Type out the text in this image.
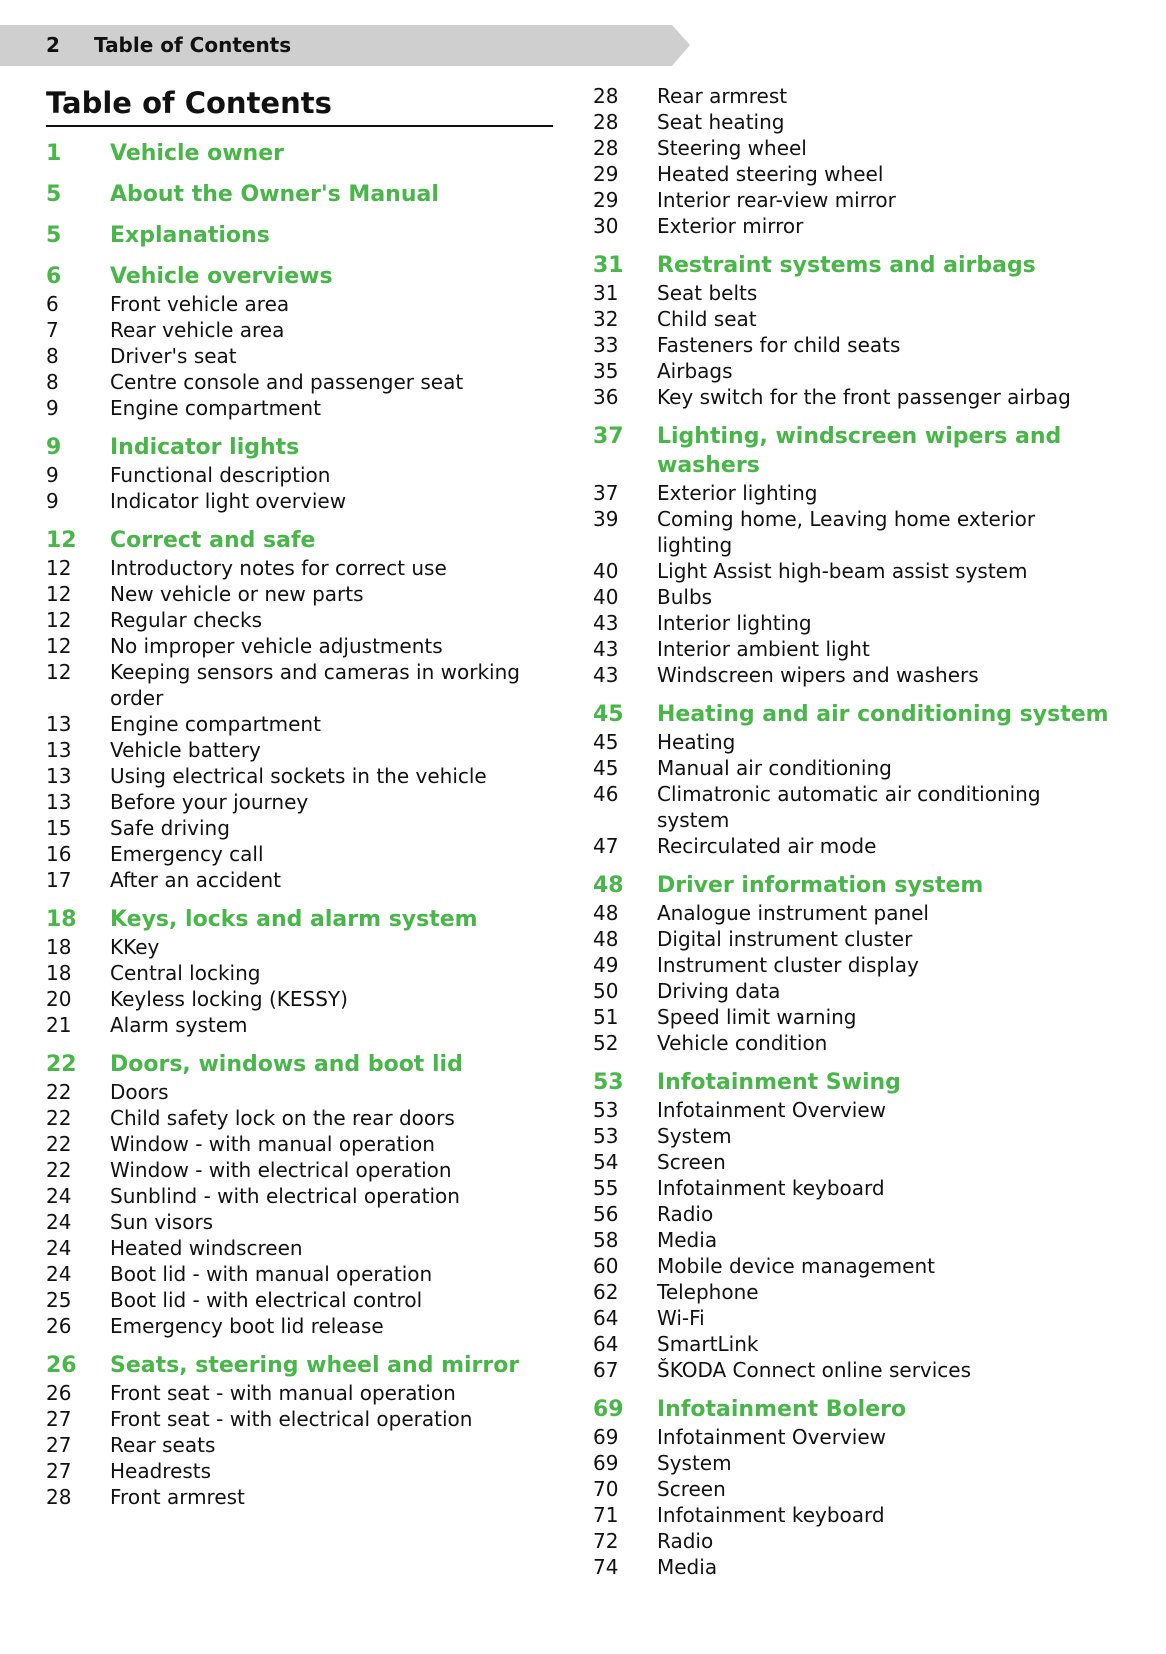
2 Table of Contents
Table of Contents
1	Vehicle owner
5	About the Owner's Manual
5	Explanations
6	Vehicle overviews
6	Front vehicle area
7	Rear vehicle area
8	Driver's seat
8	Centre console and passenger seat
9	Engine compartment
9	Indicator lights
9	Functional description
9	Indicator light overview
12	Correct and safe
12	Introductory notes for correct use
12	New vehicle or new parts
12	Regular checks
12	No improper vehicle adjustments
12	Keeping sensors and cameras in working order
13	Engine compartment
13	Vehicle battery
13	Using electrical sockets in the vehicle
13	Before your journey
15	Safe driving
16	Emergency call
17	After an accident
18	Keys, locks and alarm system
18	KKey
18	Central locking
20	Keyless locking (KESSY)
21	Alarm system
22	Doors, windows and boot lid
22	Doors
22	Child safety lock on the rear doors
22	Window - with manual operation
22	Window - with electrical operation
24	Sunblind - with electrical operation
24	Sun visors
24	Heated windscreen
24	Boot lid - with manual operation
25	Boot lid - with electrical control
26	Emergency boot lid release
26	Seats, steering wheel and mirror
26	Front seat - with manual operation
27	Front seat - with electrical operation
27	Rear seats
27	Headrests
28	Front armrest
28	Rear armrest
28	Seat heating
28	Steering wheel
29	Heated steering wheel
29	Interior rear-view mirror
30	Exterior mirror
31	Restraint systems and airbags
31	Seat belts
32	Child seat
33	Fasteners for child seats
35	Airbags
36	Key switch for the front passenger airbag
37	Lighting, windscreen wipers and washers
37	Exterior lighting
39	Coming home, Leaving home exterior lighting
40	Light Assist high-beam assist system
40	Bulbs
43	Interior lighting
43	Interior ambient light
43	Windscreen wipers and washers
45	Heating and air conditioning system
45	Heating
45	Manual air conditioning
46	Climatronic automatic air conditioning system
47	Recirculated air mode
48	Driver information system
48	Analogue instrument panel
48	Digital instrument cluster
49	Instrument cluster display
50	Driving data
51	Speed limit warning
52	Vehicle condition
53	Infotainment Swing
53	Infotainment Overview
53	System
54	Screen
55	Infotainment keyboard
56	Radio
58	Media
60	Mobile device management
62	Telephone
64	Wi-Fi
64	SmartLink
67	ŠKODA Connect online services
69	Infotainment Bolero
69	Infotainment Overview
69	System
70	Screen
71	Infotainment keyboard
72	Radio
74	Media
